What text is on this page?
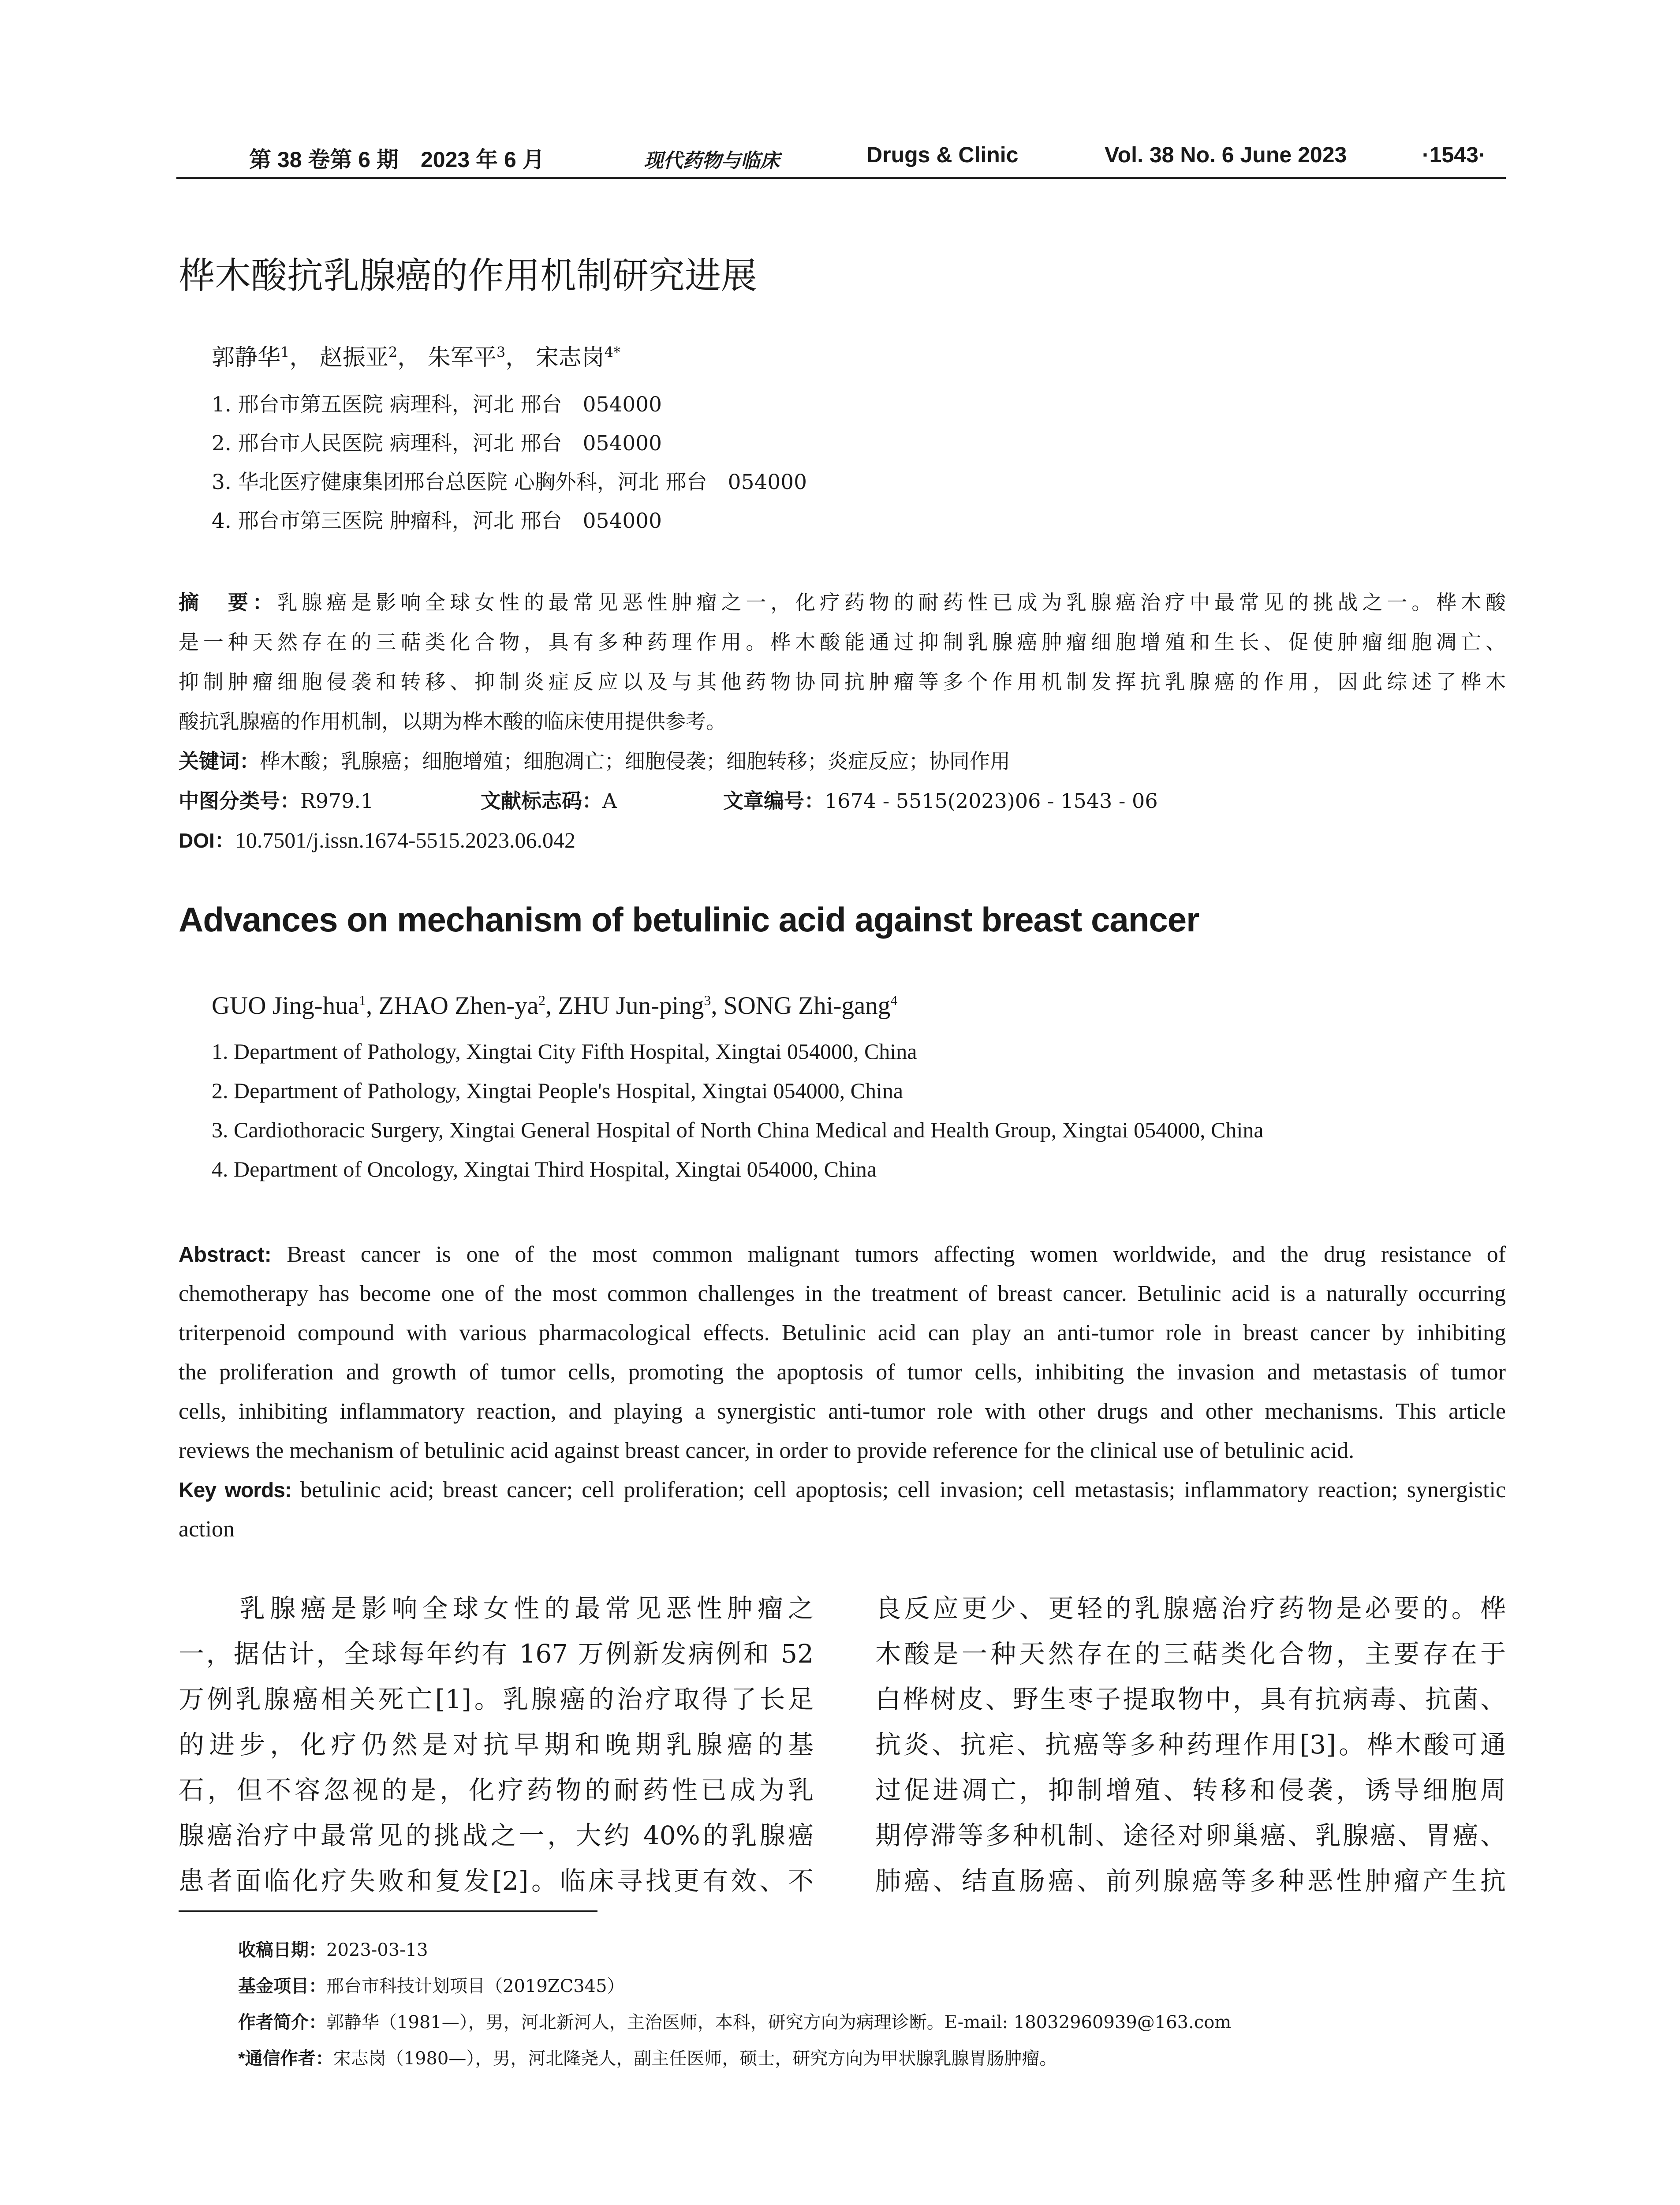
第 38 卷第 6 期　2023 年 6 月	现代药物与临床	Drugs & Clinic	Vol. 38 No. 6 June 2023	·1543·
桦木酸抗乳腺癌的作用机制研究进展
郭静华$^1$， 赵振亚$^2$， 朱军平$^3$， 宋志岗$^{4*}$
1. 邢台市第五医院 病理科，河北 邢台　054000
2. 邢台市人民医院 病理科，河北 邢台　054000
3. 华北医疗健康集团邢台总医院 心胸外科，河北 邢台　054000
4. 邢台市第三医院 肿瘤科，河北 邢台　054000
摘　要：乳腺癌是影响全球女性的最常见恶性肿瘤之一，化疗药物的耐药性已成为乳腺癌治疗中最常见的挑战之一。桦木酸
是一种天然存在的三萜类化合物，具有多种药理作用。桦木酸能通过抑制乳腺癌肿瘤细胞增殖和生长、促使肿瘤细胞凋亡、
抑制肿瘤细胞侵袭和转移、抑制炎症反应以及与其他药物协同抗肿瘤等多个作用机制发挥抗乳腺癌的作用，因此综述了桦木
酸抗乳腺癌的作用机制，以期为桦木酸的临床使用提供参考。
关键词：桦木酸；乳腺癌；细胞增殖；细胞凋亡；细胞侵袭；细胞转移；炎症反应；协同作用
中图分类号：R979.1	文献标志码：A	文章编号：1674 - 5515(2023)06 - 1543 - 06
DOI：10.7501/j.issn.1674-5515.2023.06.042
Advances on mechanism of betulinic acid against breast cancer
GUO Jing-hua$^1$, ZHAO Zhen-$ya^2$, ZHU Jun-ping$^3$, SONG Zhi-gang$^4$
1. Department of Pathology, Xingtai City Fifth Hospital, Xingtai 054000, China
2. Department of Pathology, Xingtai People's Hospital, Xingtai 054000, China
3. Cardiothoracic Surgery, Xingtai General Hospital of North China Medical and Health Group, Xingtai 054000, China
4. Department of Oncology, Xingtai Third Hospital, Xingtai 054000, China
Abstract: Breast cancer is one of the most common malignant tumors affecting women worldwide, and the drug resistance of
chemotherapy has become one of the most common challenges in the treatment of breast cancer. Betulinic acid is a naturally occurring
triterpenoid compound with various pharmacological effects. Betulinic acid can play an anti-tumor role in breast cancer by inhibiting
the proliferation and growth of tumor cells, promoting the apoptosis of tumor cells, inhibiting the invasion and metastasis of tumor
cells, inhibiting inflammatory reaction, and playing a synergistic anti-tumor role with other drugs and other mechanisms. This article
reviews the mechanism of betulinic acid against breast cancer, in order to provide reference for the clinical use of betulinic acid.
Key words: betulinic acid; breast cancer; cell proliferation; cell apoptosis; cell invasion; cell metastasis; inflammatory reaction; synergistic
action
　　乳腺癌是影响全球女性的最常见恶性肿瘤之
一，据估计，全球每年约有 167 万例新发病例和 52
万例乳腺癌相关死亡[1]。乳腺癌的治疗取得了长足
的进步，化疗仍然是对抗早期和晚期乳腺癌的基
石，但不容忽视的是，化疗药物的耐药性已成为乳
腺癌治疗中最常见的挑战之一，大约 40%的乳腺癌
患者面临化疗失败和复发[2]。临床寻找更有效、不
良反应更少、更轻的乳腺癌治疗药物是必要的。桦
木酸是一种天然存在的三萜类化合物，主要存在于
白桦树皮、野生枣子提取物中，具有抗病毒、抗菌、
抗炎、抗疟、抗癌等多种药理作用[3]。桦木酸可通
过促进凋亡，抑制增殖、转移和侵袭，诱导细胞周
期停滞等多种机制、途径对卵巢癌、乳腺癌、胃癌、
肺癌、结直肠癌、前列腺癌等多种恶性肿瘤产生抗
收稿日期：2023-03-13
基金项目：邢台市科技计划项目（2019ZC345）
作者简介：郭静华（1981—），男，河北新河人，主治医师，本科，研究方向为病理诊断。E-mail: 18032960939@163.com
*通信作者：宋志岗（1980—），男，河北隆尧人，副主任医师，硕士，研究方向为甲状腺乳腺胃肠肿瘤。
